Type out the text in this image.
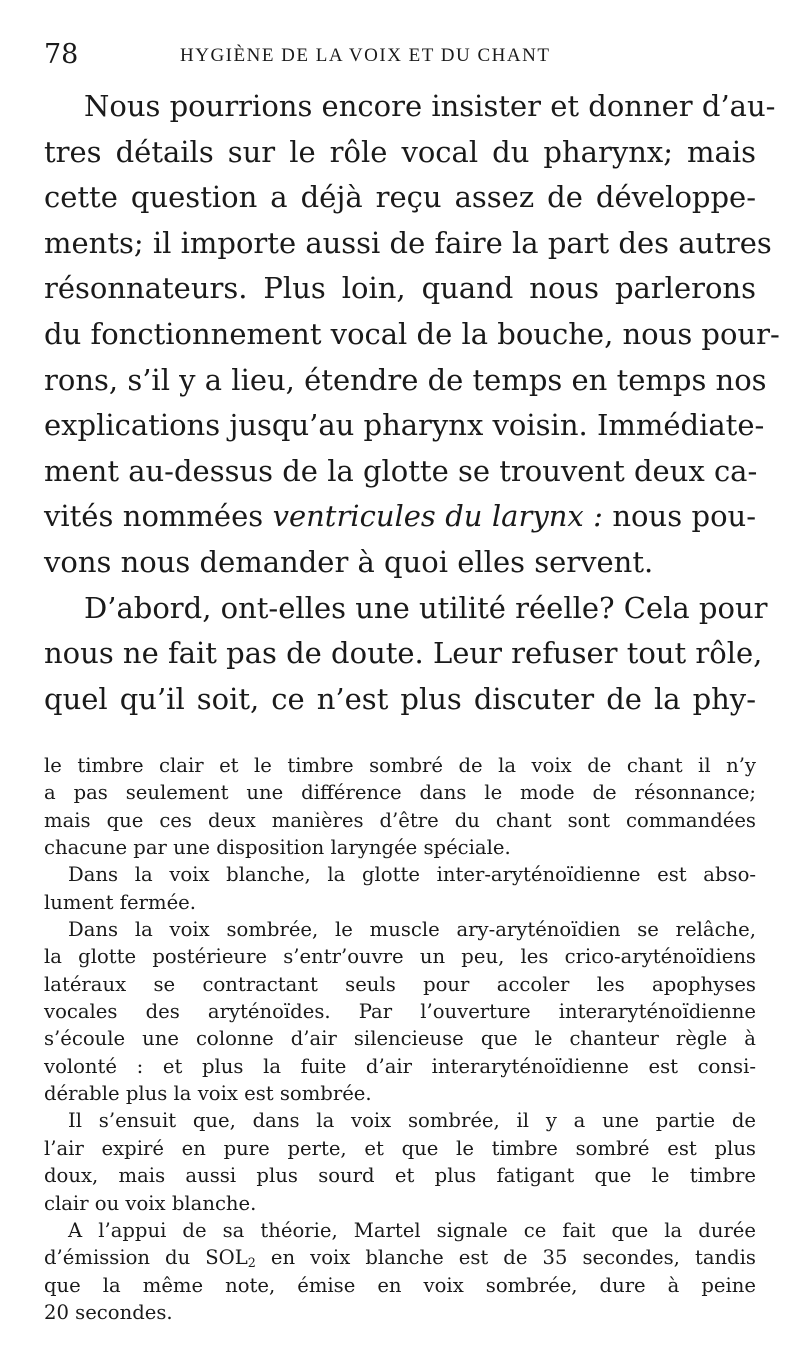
78	HYGIÈNE DE LA VOIX ET DU CHANT
Nous pourrions encore insister et donner d’au-
tres détails sur le rôle vocal du pharynx; mais
cette question a déjà reçu assez de développe-
ments; il importe aussi de faire la part des autres
résonnateurs. Plus loin, quand nous parlerons
du fonctionnement vocal de la bouche, nous pour-
rons, s’il y a lieu, étendre de temps en temps nos
explications jusqu’au pharynx voisin. Immédiate-
ment au-dessus de la glotte se trouvent deux ca-
vités nommées ventricules du larynx : nous pou-
vons nous demander à quoi elles servent.
D’abord, ont-elles une utilité réelle? Cela pour
nous ne fait pas de doute. Leur refuser tout rôle,
quel qu’il soit, ce n’est plus discuter de la phy-
le timbre clair et le timbre sombré de la voix de chant il n’y
a pas seulement une différence dans le mode de résonnance;
mais que ces deux manières d’être du chant sont commandées
chacune par une disposition laryngée spéciale.
Dans la voix blanche, la glotte inter-aryténoïdienne est abso-
lument fermée.
Dans la voix sombrée, le muscle ary-aryténoïdien se relâche,
la glotte postérieure s’entr’ouvre un peu, les crico-aryténoïdiens
latéraux se contractant seuls pour accoler les apophyses
vocales des aryténoïdes. Par l’ouverture interaryténoïdienne
s’écoule une colonne d’air silencieuse que le chanteur règle à
volonté : et plus la fuite d’air interaryténoïdienne est consi-
dérable plus la voix est sombrée.
Il s’ensuit que, dans la voix sombrée, il y a une partie de
l’air expiré en pure perte, et que le timbre sombré est plus
doux, mais aussi plus sourd et plus fatigant que le timbre
clair ou voix blanche.
A l’appui de sa théorie, Martel signale ce fait que la durée
d’émission du $SOL_2$ en voix blanche est de 35 secondes, tandis
que la même note, émise en voix sombrée, dure à peine
20 secondes.
